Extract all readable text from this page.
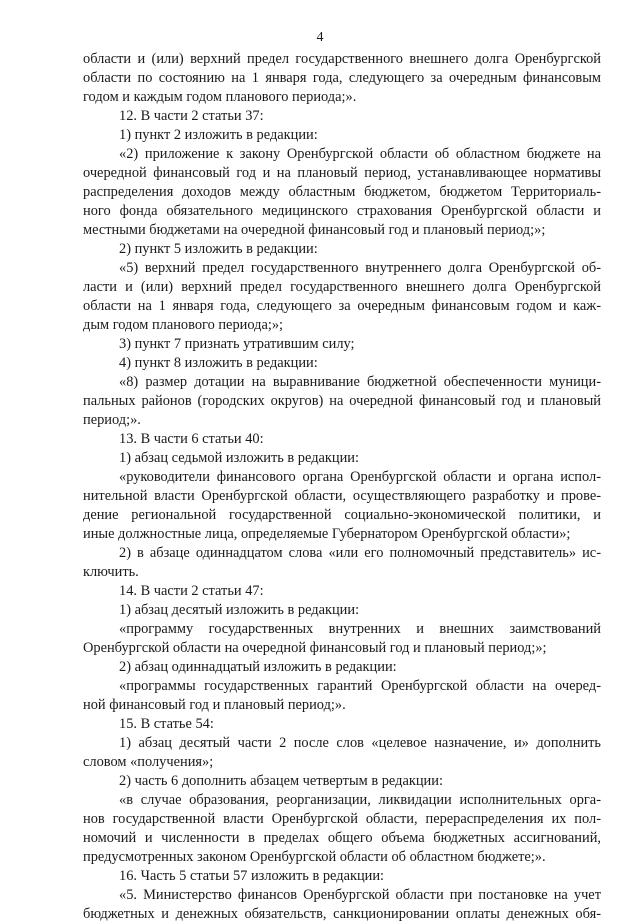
4
области и (или) верхний предел государственного внешнего долга Оренбургской
области по состоянию на 1 января года, следующего за очередным финансовым
годом и каждым годом планового периода;».
12. В части 2 статьи 37:
1) пункт 2 изложить в редакции:
«2) приложение к закону Оренбургской области об областном бюджете на
очередной финансовый год и на плановый период, устанавливающее нормативы
распределения доходов между областным бюджетом, бюджетом Территориаль-
ного фонда обязательного медицинского страхования Оренбургской области и
местными бюджетами на очередной финансовый год и плановый период;»;
2) пункт 5 изложить в редакции:
«5) верхний предел государственного внутреннего долга Оренбургской об-
ласти и (или) верхний предел государственного внешнего долга Оренбургской
области на 1 января года, следующего за очередным финансовым годом и каж-
дым годом планового периода;»;
3) пункт 7 признать утратившим силу;
4) пункт 8 изложить в редакции:
«8) размер дотации на выравнивание бюджетной обеспеченности муници-
пальных районов (городских округов) на очередной финансовый год и плановый
период;».
13. В части 6 статьи 40:
1) абзац седьмой изложить в редакции:
«руководители финансового органа Оренбургской области и органа испол-
нительной власти Оренбургской области, осуществляющего разработку и прове-
дение региональной государственной социально-экономической политики, и
иные должностные лица, определяемые Губернатором Оренбургской области»;
2) в абзаце одиннадцатом слова «или его полномочный представитель» ис-
ключить.
14. В части 2 статьи 47:
1) абзац десятый изложить в редакции:
«программу государственных внутренних и внешних заимствований
Оренбургской области на очередной финансовый год и плановый период;»;
2) абзац одиннадцатый изложить в редакции:
«программы государственных гарантий Оренбургской области на очеред-
ной финансовый год и плановый период;».
15. В статье 54:
1) абзац десятый части 2 после слов «целевое назначение, и» дополнить
словом «получения»;
2) часть 6 дополнить абзацем четвертым в редакции:
«в случае образования, реорганизации, ликвидации исполнительных орга-
нов государственной власти Оренбургской области, перераспределения их пол-
номочий и численности в пределах общего объема бюджетных ассигнований,
предусмотренных законом Оренбургской области об областном бюджете;».
16. Часть 5 статьи 57 изложить в редакции:
«5. Министерство финансов Оренбургской области при постановке на учет
бюджетных и денежных обязательств, санкционировании оплаты денежных обя-
